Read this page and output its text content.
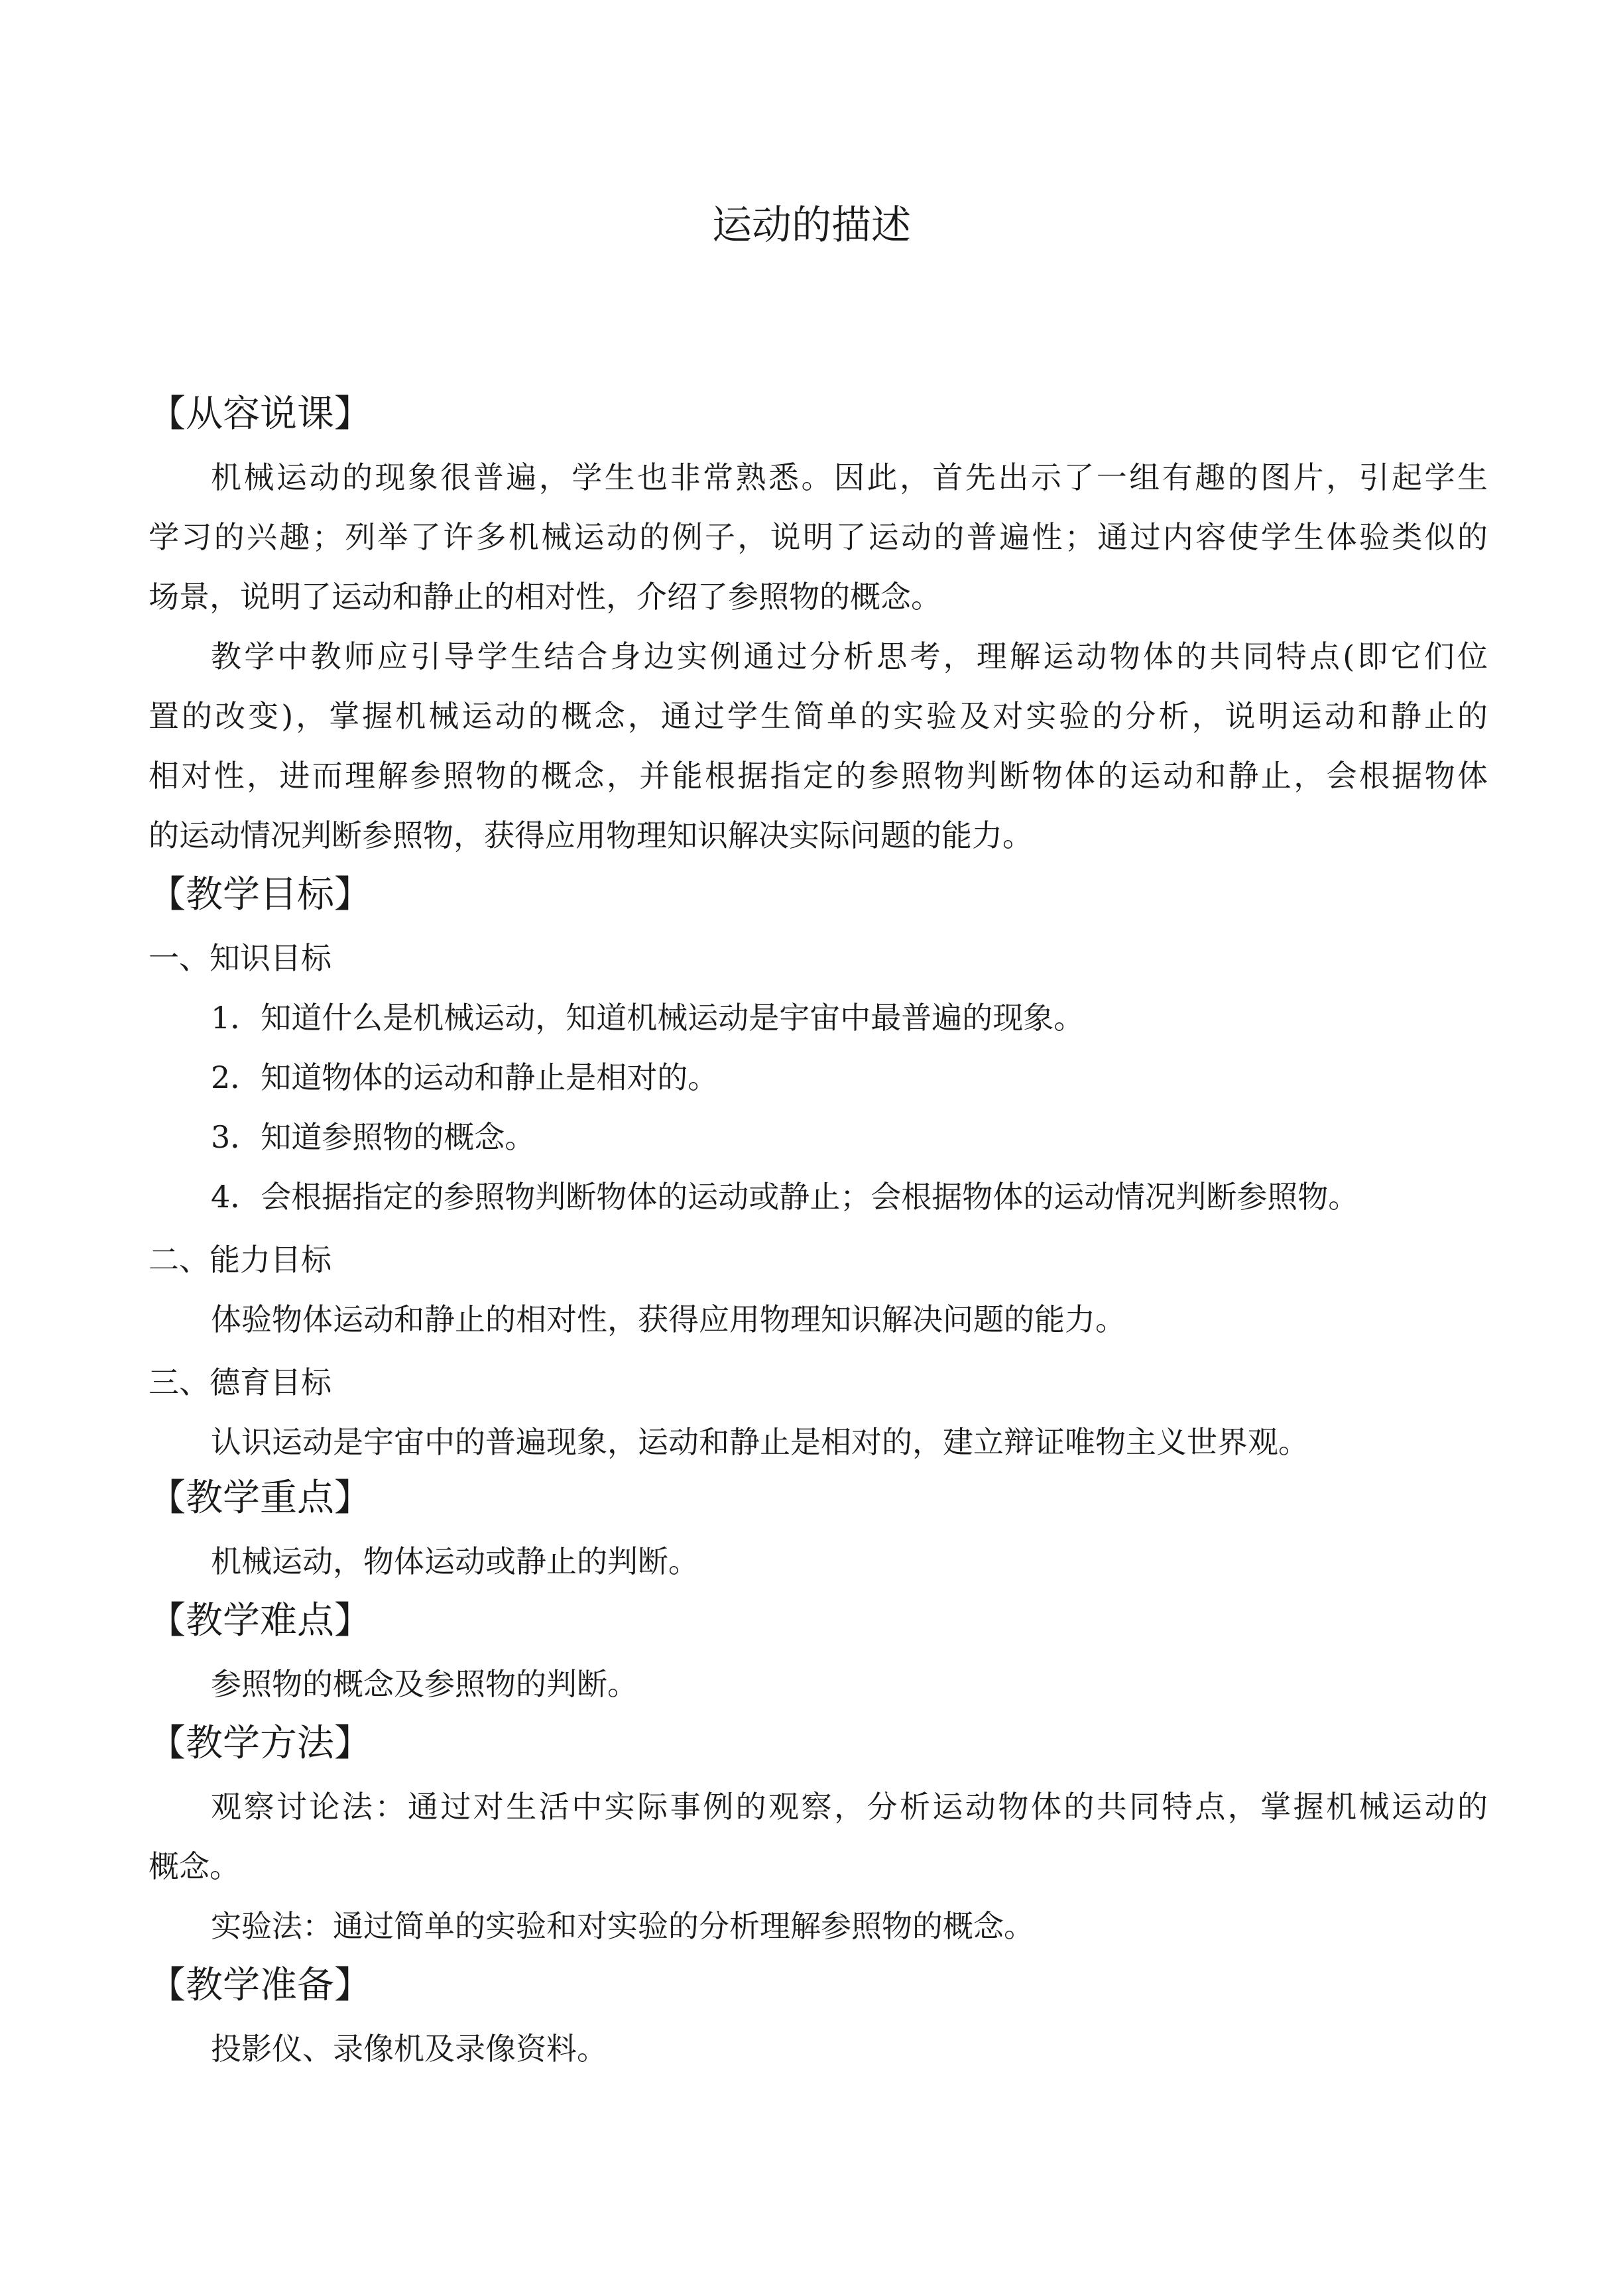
运动的描述
【从容说课】
机械运动的现象很普遍，学生也非常熟悉。因此，首先出示了一组有趣的图片，引起学生
学习的兴趣；列举了许多机械运动的例子，说明了运动的普遍性；通过内容使学生体验类似的
场景，说明了运动和静止的相对性，介绍了参照物的概念。
教学中教师应引导学生结合身边实例通过分析思考，理解运动物体的共同特点(即它们位
置的改变)，掌握机械运动的概念，通过学生简单的实验及对实验的分析，说明运动和静止的
相对性，进而理解参照物的概念，并能根据指定的参照物判断物体的运动和静止，会根据物体
的运动情况判断参照物，获得应用物理知识解决实际问题的能力。
【教学目标】
一、知识目标
1．知道什么是机械运动，知道机械运动是宇宙中最普遍的现象。
2．知道物体的运动和静止是相对的。
3．知道参照物的概念。
4．会根据指定的参照物判断物体的运动或静止；会根据物体的运动情况判断参照物。
二、能力目标
体验物体运动和静止的相对性，获得应用物理知识解决问题的能力。
三、德育目标
认识运动是宇宙中的普遍现象，运动和静止是相对的，建立辩证唯物主义世界观。
【教学重点】
机械运动，物体运动或静止的判断。
【教学难点】
参照物的概念及参照物的判断。
【教学方法】
观察讨论法：通过对生活中实际事例的观察，分析运动物体的共同特点，掌握机械运动的
概念。
实验法：通过简单的实验和对实验的分析理解参照物的概念。
【教学准备】
投影仪、录像机及录像资料。
